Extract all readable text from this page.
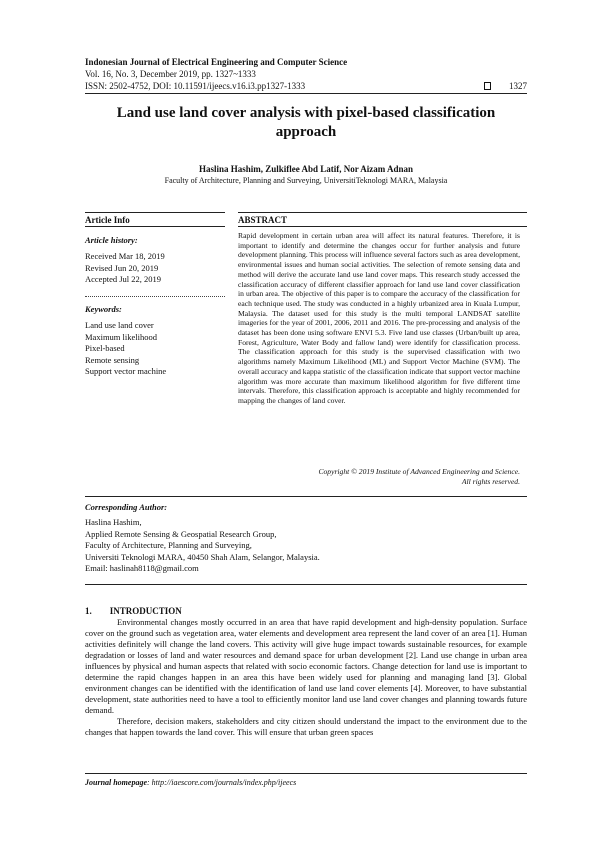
Indonesian Journal of Electrical Engineering and Computer Science
Vol. 16, No. 3, December 2019, pp. 1327~1333
ISSN: 2502-4752, DOI: 10.11591/ijeecs.v16.i3.pp1327-1333	1327
Land use land cover analysis with pixel-based classification approach
Haslina Hashim, Zulkiflee Abd Latif, Nor Aizam Adnan
Faculty of Architecture, Planning and Surveying, UniversitiTeknologi MARA, Malaysia
Article Info
Article history:
Received Mar 18, 2019
Revised Jun 20, 2019
Accepted Jul 22, 2019
Keywords:
Land use land cover
Maximum likelihood
Pixel-based
Remote sensing
Support vector machine
ABSTRACT
Rapid development in certain urban area will affect its natural features. Therefore, it is important to identify and determine the changes occur for further analysis and future development planning. This process will influence several factors such as area development, environmental issues and human social activities. The selection of remote sensing data and method will derive the accurate land use land cover maps. This research study accessed the classification accuracy of different classifier approach for land use land cover classification in urban area. The objective of this paper is to compare the accuracy of the classification for each technique used. The study was conducted in a highly urbanized area in Kuala Lumpur, Malaysia. The dataset used for this study is the multi temporal LANDSAT satellite imageries for the year of 2001, 2006, 2011 and 2016. The pre-processing and analysis of the dataset has been done using software ENVI 5.3. Five land use classes (Urban/built up area, Forest, Agriculture, Water Body and fallow land) were identify for classification process. The classification approach for this study is the supervised classification with two algorithms namely Maximum Likelihood (ML) and Support Vector Machine (SVM). The overall accuracy and kappa statistic of the classification indicate that support vector machine algorithm was more accurate than maximum likelihood algorithm for five different time intervals. Therefore, this classification approach is acceptable and highly recommended for mapping the changes of land cover.
Copyright © 2019 Institute of Advanced Engineering and Science.
All rights reserved.
Corresponding Author:
Haslina Hashim,
Applied Remote Sensing & Geospatial Research Group,
Faculty of Architecture, Planning and Surveying,
Universiti Teknologi MARA, 40450 Shah Alam, Selangor, Malaysia.
Email: haslinah8118@gmail.com
1.        INTRODUCTION

Environmental changes mostly occurred in an area that have rapid development and high-density population. Surface cover on the ground such as vegetation area, water elements and development area represent the land cover of an area [1]. Human activities definitely will change the land covers. This activity will give huge impact towards sustainable resources, for example degradation or losses of land and water resources and demand space for urban development [2]. Land use change in urban area influences by physical and human aspects that related with socio economic factors. Change detection for land use is important to determine the rapid changes happen in an area this have been widely used for planning and managing land [3]. Global environment changes can be identified with the identification of land use land cover elements [4]. Moreover, to have substantial development, state authorities need to have a tool to efficiently monitor land use land cover changes and planning towards future demand.

Therefore, decision makers, stakeholders and city citizen should understand the impact to the environment due to the changes that happen towards the land cover. This will ensure that urban green spaces

Journal homepage: http://iaescore.com/journals/index.php/ijeecs
